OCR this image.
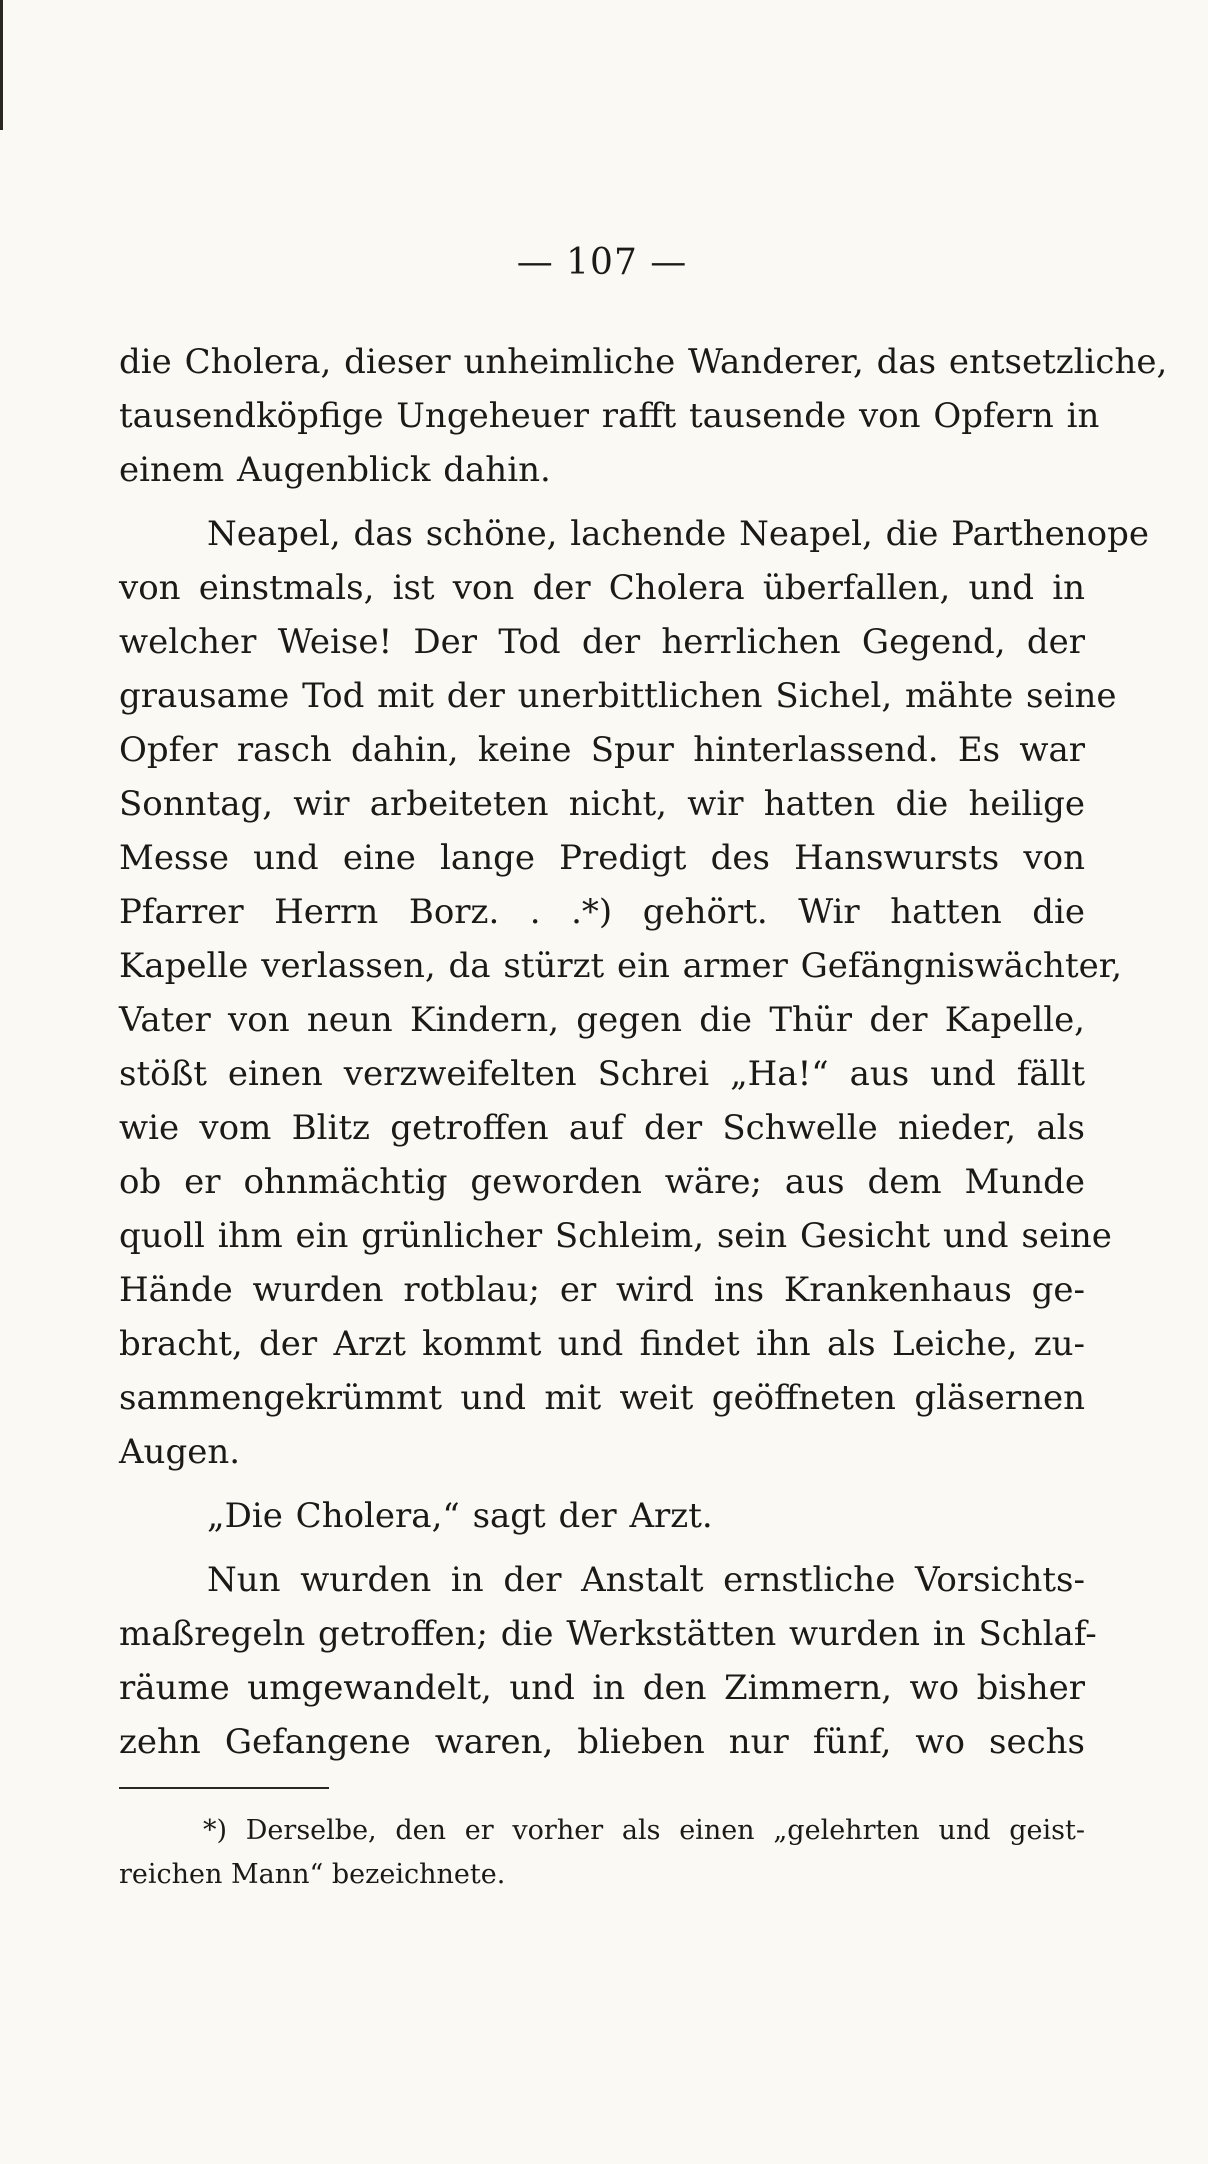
— 107 —
die Cholera, dieser unheimliche Wanderer, das entsetzliche,
tausendköpfige Ungeheuer rafft tausende von Opfern in
einem Augenblick dahin.
Neapel, das schöne, lachende Neapel, die Parthenope
von einstmals, ist von der Cholera überfallen, und in
welcher Weise! Der Tod der herrlichen Gegend, der
grausame Tod mit der unerbittlichen Sichel, mähte seine
Opfer rasch dahin, keine Spur hinterlassend. Es war
Sonntag, wir arbeiteten nicht, wir hatten die heilige
Messe und eine lange Predigt des Hanswursts von
Pfarrer Herrn Borz. . .*) gehört. Wir hatten die
Kapelle verlassen, da stürzt ein armer Gefängniswächter,
Vater von neun Kindern, gegen die Thür der Kapelle,
stößt einen verzweifelten Schrei „Ha!“ aus und fällt
wie vom Blitz getroffen auf der Schwelle nieder, als
ob er ohnmächtig geworden wäre; aus dem Munde
quoll ihm ein grünlicher Schleim, sein Gesicht und seine
Hände wurden rotblau; er wird ins Krankenhaus ge-
bracht, der Arzt kommt und findet ihn als Leiche, zu-
sammengekrümmt und mit weit geöffneten gläsernen
Augen.
„Die Cholera,“ sagt der Arzt.
Nun wurden in der Anstalt ernstliche Vorsichts-
maßregeln getroffen; die Werkstätten wurden in Schlaf-
räume umgewandelt, und in den Zimmern, wo bisher
zehn Gefangene waren, blieben nur fünf, wo sechs
*) Derselbe, den er vorher als einen „gelehrten und geist-
reichen Mann“ bezeichnete.
